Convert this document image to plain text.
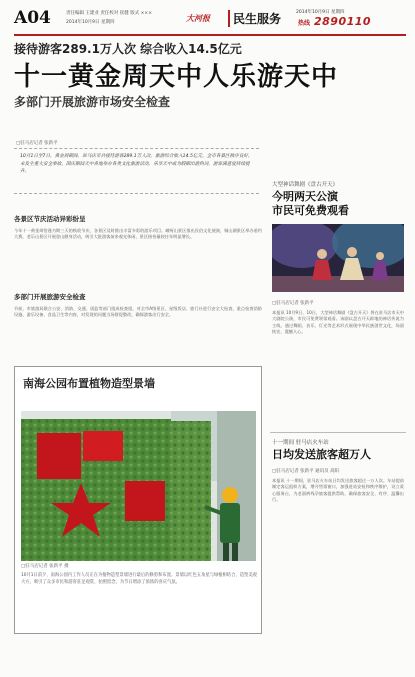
A04	责任编辑 王建业 责任校对 崔健 版式 ×××
2014年10月9日 星期四	大河报	民生服务	2014年10月9日 星期四
热线 2890110
接待游客289.1万人次 综合收入14.5亿元
十一黄金周天中人乐游天中
多部门开展旅游市场安全检查
□驻马店记者 张新平
10月1日至7日，黄金周期间，驻马店市共接待游客289.1万人次，旅游综合收入14.5亿元。全市各景区秩序良好，未发生重大安全事故。国庆期间天中各地举办各类文化旅游活动，乐享天中成为假期出游热词，游客满意度持续提升。
各景区节庆活动异彩纷呈
今年十一黄金周恰逢为期三天的秋收节庆，各景区及时推出丰富多彩的游乐项目。嵖岈山景区推出民俗文化展演，铜山湖景区举办垂钓大赛，老乐山景区开展登山健身活动，吸引大批游客前来观光休闲，景区接待量较往年明显增长。
多部门开展旅游安全检查
节前，市旅游局联合公安、消防、交通、质监等部门组成检查组，对全市A级景区、星级饭店、旅行社进行安全大检查，重点检查消防设施、游乐设备、食品卫生等内容，对发现的问题当场督促整改，确保游客出行安全。
南海公园布置植物造型景墙
□驻马店记者 张新平 摄
10月1日前夕，南海公园内工作人员正在为植物造型景墙进行最后的修剪和布置。景墙以红色五角星与绿植相结合，造型美观大方，吸引了众多市民和游客驻足观赏、拍照留念，为节日增添了浓浓的喜庆气氛。
大型神话舞剧《盘古开天》
今明两天公演
市民可免费观看
□驻马店记者 张新平
本报讯 10月9日、10日，大型神话舞剧《盘古开天》将在驻马店市天中大剧院公演，市民可免费领票观看。该剧以盘古开天辟地的神话传说为主线，通过舞蹈、音乐、灯光等艺术形式展现中华民族创世文化，场面恢宏，震撼人心。
十一期间 驻马店火车站
日均发送旅客超万人
□驻马店记者 张新平 通讯员 高阳
本报讯 十一期间，驻马店火车站日均发送旅客超过一万人次。车站提前制定客运组织方案，增开售票窗口，加强进站安检和秩序维护，设立爱心服务台，为老弱病残孕旅客提供帮助，确保旅客安全、有序、温馨出行。
